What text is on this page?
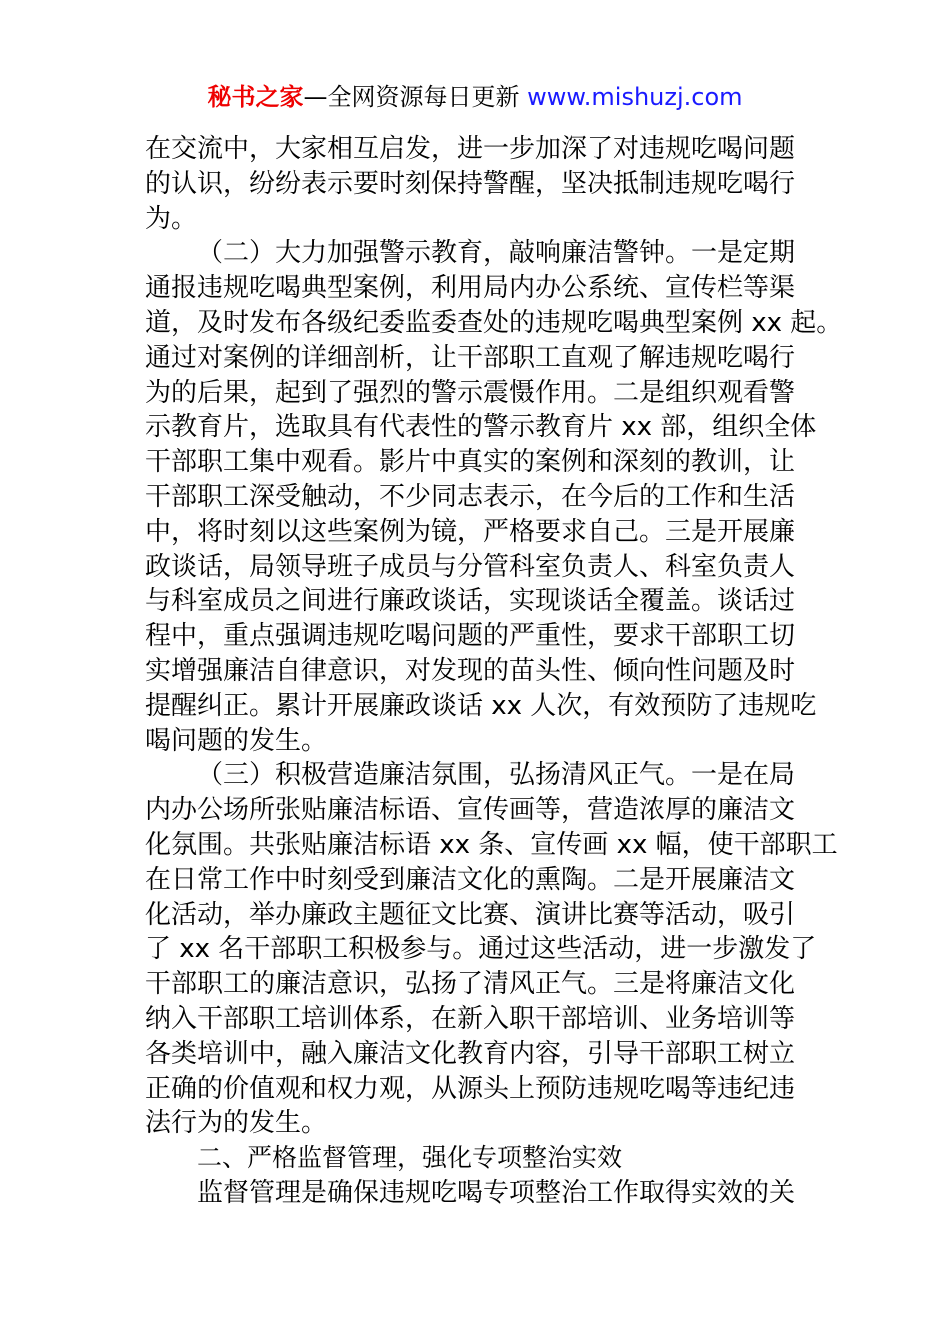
秘书之家—全网资源每日更新 www.mishuzj.com
在交流中，大家相互启发，进一步加深了对违规吃喝问题
的认识，纷纷表示要时刻保持警醒，坚决抵制违规吃喝行
为。
（二）大力加强警示教育，敲响廉洁警钟。一是定期
通报违规吃喝典型案例，利用局内办公系统、宣传栏等渠
道，及时发布各级纪委监委查处的违规吃喝典型案例 xx 起。
通过对案例的详细剖析，让干部职工直观了解违规吃喝行
为的后果，起到了强烈的警示震慑作用。二是组织观看警
示教育片，选取具有代表性的警示教育片 xx 部，组织全体
干部职工集中观看。影片中真实的案例和深刻的教训，让
干部职工深受触动，不少同志表示，在今后的工作和生活
中，将时刻以这些案例为镜，严格要求自己。三是开展廉
政谈话，局领导班子成员与分管科室负责人、科室负责人
与科室成员之间进行廉政谈话，实现谈话全覆盖。谈话过
程中，重点强调违规吃喝问题的严重性，要求干部职工切
实增强廉洁自律意识，对发现的苗头性、倾向性问题及时
提醒纠正。累计开展廉政谈话 xx 人次，有效预防了违规吃
喝问题的发生。
（三）积极营造廉洁氛围，弘扬清风正气。一是在局
内办公场所张贴廉洁标语、宣传画等，营造浓厚的廉洁文
化氛围。共张贴廉洁标语 xx 条、宣传画 xx 幅，使干部职工
在日常工作中时刻受到廉洁文化的熏陶。二是开展廉洁文
化活动，举办廉政主题征文比赛、演讲比赛等活动，吸引
了 xx 名干部职工积极参与。通过这些活动，进一步激发了
干部职工的廉洁意识，弘扬了清风正气。三是将廉洁文化
纳入干部职工培训体系，在新入职干部培训、业务培训等
各类培训中，融入廉洁文化教育内容，引导干部职工树立
正确的价值观和权力观，从源头上预防违规吃喝等违纪违
法行为的发生。
二、严格监督管理，强化专项整治实效
监督管理是确保违规吃喝专项整治工作取得实效的关
